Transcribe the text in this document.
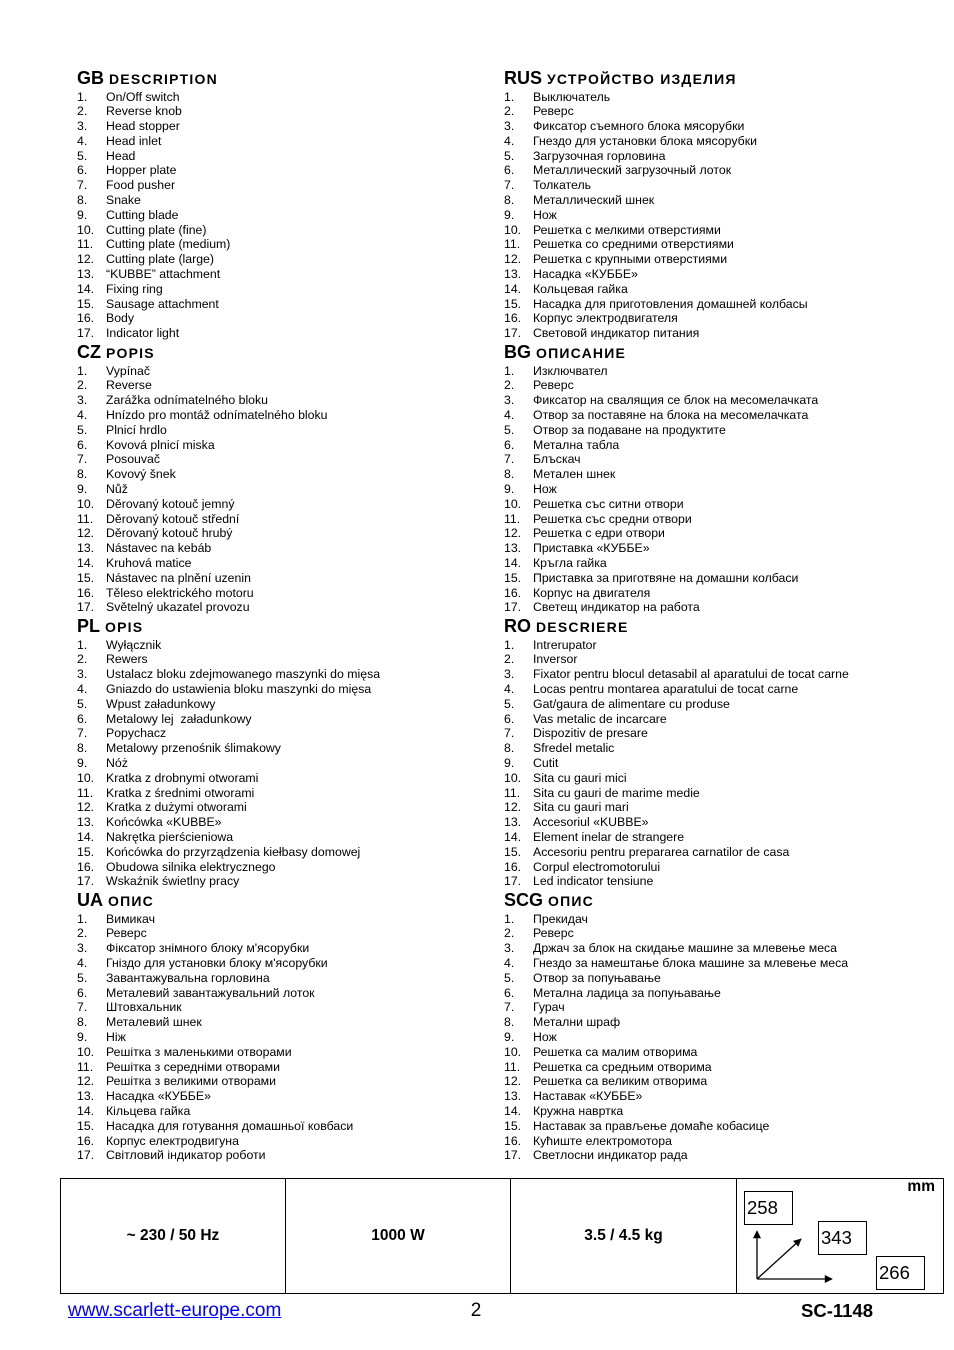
GB DESCRIPTION
1.	On/Off switch
2.	Reverse knob
3.	Head stopper
4.	Head inlet
5.	Head
6.	Hopper plate
7.	Food pusher
8.	Snake
9.	Cutting blade
10. Cutting plate (fine)
11.	Cutting plate (medium)
12. Cutting plate (large)
13. “KUBBE” attachment
14. Fixing ring
15. Sausage attachment
16. Body
17. Indicator light
CZ POPIS
1.	Vypínač
2.	Reverse
3.	Zarážka odnímatelného bloku
4.	Hnízdo pro montáž odnímatelného bloku
5.	Plnicí hrdlo
6.	Kovová plnicí miska
7.	Posouvač
8.	Kovový šnek
9.	Nůž
10. Děrovaný kotouč jemný
11.	Děrovaný kotouč střední
12. Děrovaný kotouč hrubý
13. Nástavec na kebáb
14. Kruhová matice
15. Nástavec na plnění uzenin
16. Těleso elektrického motoru
17. Světelný ukazatel provozu
PL OPIS
1.	Wyłącznik
2.	Rewers
3.	Ustalacz bloku zdejmowanego maszynki do mięsa
4.	Gniazdo do ustawienia bloku maszynki do mięsa
5.	Wpust załadunkowy
6.	Metalowy lej  załadunkowy
7.	Popychacz
8.	Metalowy przenośnik ślimakowy
9.	Nóż
10. Kratka z drobnymi otworami
11.	Kratka z średnimi otworami
12. Kratka z dużymi otworami
13. Końcówka «KUBBE»
14. Nakrętka pierścieniowa
15. Końcówka do przyrządzenia kiełbasy domowej
16. Obudowa silnika elektrycznego
17. Wskaźnik świetlny pracy
UA ОПИС
1.	Вимикач
2.	Реверс
3.	Фіксатор знімного блоку м'ясорубки
4.	Гніздо для установки блоку м'ясорубки
5.	Завантажувальна горловина
6.	Металевий завантажувальний лоток
7.	Штовхальник
8.	Металевий шнек
9.	Ніж
10. Решітка з маленькими отворами
11.	Решітка з середніми отворами
12. Решітка з великими отворами
13. Насадка «КУББЕ»
14. Кільцева гайка
15. Насадка для готування домашньої ковбаси
16. Корпус електродвигуна
17. Світловий індикатор роботи
RUS УСТРОЙСТВО ИЗДЕЛИЯ
1.	Выключатель
2.	Реверс
3.	Фиксатор съемного блока мясорубки
4.	Гнездо для установки блока мясорубки
5.	Загрузочная горловина
6.	Металлический загрузочный лоток
7.	Толкатель
8.	Металлический шнек
9.	Нож
10. Решетка с мелкими отверстиями
11.	Решетка со средними отверстиями
12. Решетка с крупными отверстиями
13. Насадка «КУББЕ»
14. Кольцевая гайка
15. Насадка для приготовления домашней колбасы
16. Корпус электродвигателя
17. Световой индикатор питания
BG ОПИСАНИЕ
1.	Изключвател
2.	Реверс
3.	Фиксатор на свалящия се блок на месомелачката
4.	Отвор за поставяне на блока на месомелачката
5.	Отвор за подаване на продуктите
6.	Метална табла
7.	Блъскач
8.	Метален шнек
9.	Нож
10. Решетка със ситни отвори
11.	Решетка със средни отвори
12. Решетка с едри отвори
13. Приставка «КУББЕ»
14. Кръгла гайка
15. Приставка за приготвяне на домашни колбаси
16. Корпус на двигателя
17. Светещ индикатор на работа
RO DESCRIERE
1.	Intrerupator
2.	Inversor
3.	Fixator pentru blocul detasabil al aparatului de tocat carne
4.	Locas pentru montarea aparatului de tocat carne
5.	Gat/gaura de alimentare cu produse
6.	Vas metalic de incarcare
7.	Dispozitiv de presare
8.	Sfredel metalic
9.	Cutit
10. Sita cu gauri mici
11.	Sita cu gauri de marime medie
12. Sita cu gauri mari
13. Accesoriul «KUBBE»
14. Element inelar de strangere
15. Accesoriu pentru prepararea carnatilor de casa
16. Corpul electromotorului
17. Led indicator tensiune
SCG ОПИС
1.	Прекидач
2.	Реверс
3.	Држач за блок на скидање машине за млевење меса
4.	Гнездо за намештање блока машине за млевење меса
5.	Отвор за попуњавање
6.	Метална ладица за попуњавање
7.	Гурач
8.	Метални шраф
9.	Нож
10. Решетка са малим отворима
11.	Решетка са средњим отворима
12. Решетка са великим отворима
13. Наставак «КУББЕ»
14. Кружна навртка
15. Наставак за прављење домаће кобасице
16. Кућиште електромотора
17. Светлосни индикатор рада
~ 230 / 50 Hz	1000 W	3.5 / 4.5 kg
mm
258
343
266
www.scarlett-europe.com	2	SC-1148
